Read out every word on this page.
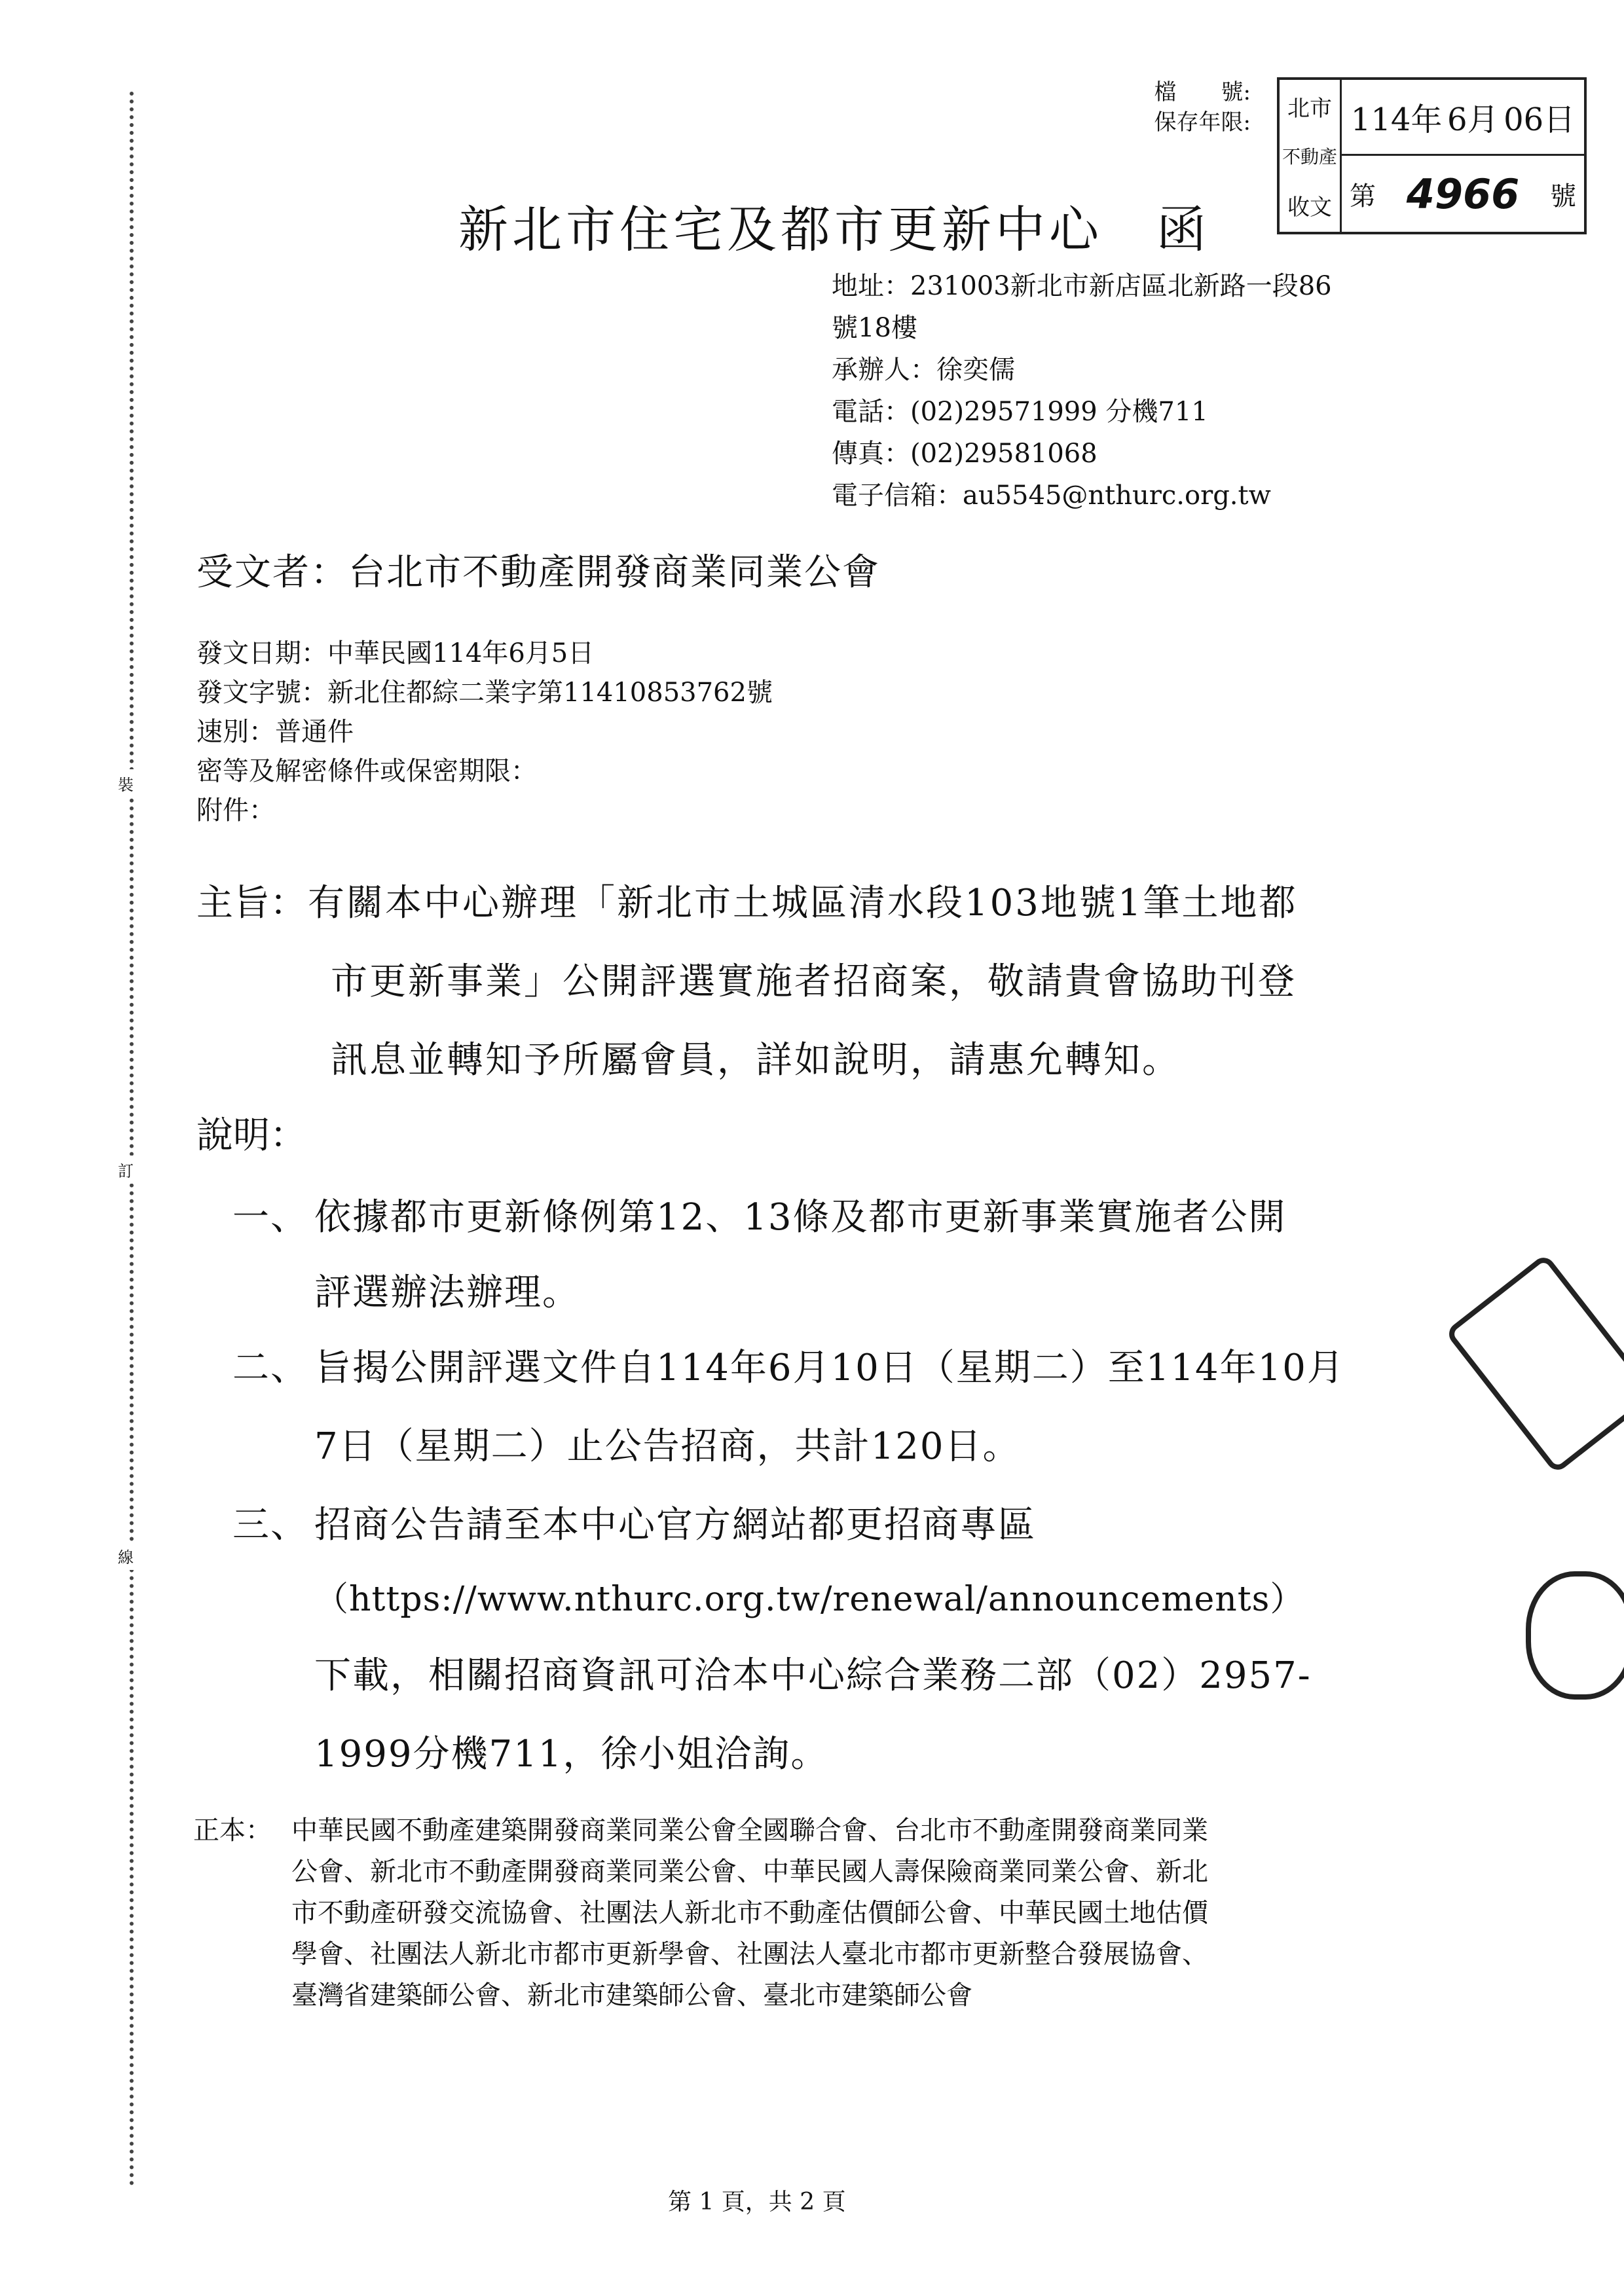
裝
訂
線
檔　　號:
保存年限:
北市
不動產
收文
114年 6月 06日
第 4966 號
新北市住宅及都市更新中心　函
地址：231003新北市新店區北新路一段86
號18樓
承辦人：徐奕儒
電話：(02)29571999 分機711
傳真：(02)29581068
電子信箱：au5545@nthurc.org.tw
受文者：台北市不動產開發商業同業公會
發文日期：中華民國114年6月5日
發文字號：新北住都綜二業字第11410853762號
速別：普通件
密等及解密條件或保密期限：
附件：
主旨： 有關本中心辦理「新北市土城區清水段103地號1筆土地都
市更新事業」公開評選實施者招商案，敬請貴會協助刊登
訊息並轉知予所屬會員，詳如說明，請惠允轉知。
說明：
一、 依據都市更新條例第12、13條及都市更新事業實施者公開
評選辦法辦理。
二、 旨揭公開評選文件自114年6月10日（星期二）至114年10月
7日（星期二）止公告招商，共計120日。
三、 招商公告請至本中心官方網站都更招商專區
（https://www.nthurc.org.tw/renewal/announcements）
下載，相關招商資訊可洽本中心綜合業務二部（02）2957-
1999分機711，徐小姐洽詢。
正本： 中華民國不動產建築開發商業同業公會全國聯合會、台北市不動產開發商業同業
公會、新北市不動產開發商業同業公會、中華民國人壽保險商業同業公會、新北
市不動產研發交流協會、社團法人新北市不動產估價師公會、中華民國土地估價
學會、社團法人新北市都市更新學會、社團法人臺北市都市更新整合發展協會、
臺灣省建築師公會、新北市建築師公會、臺北市建築師公會
第 1 頁，共 2 頁
